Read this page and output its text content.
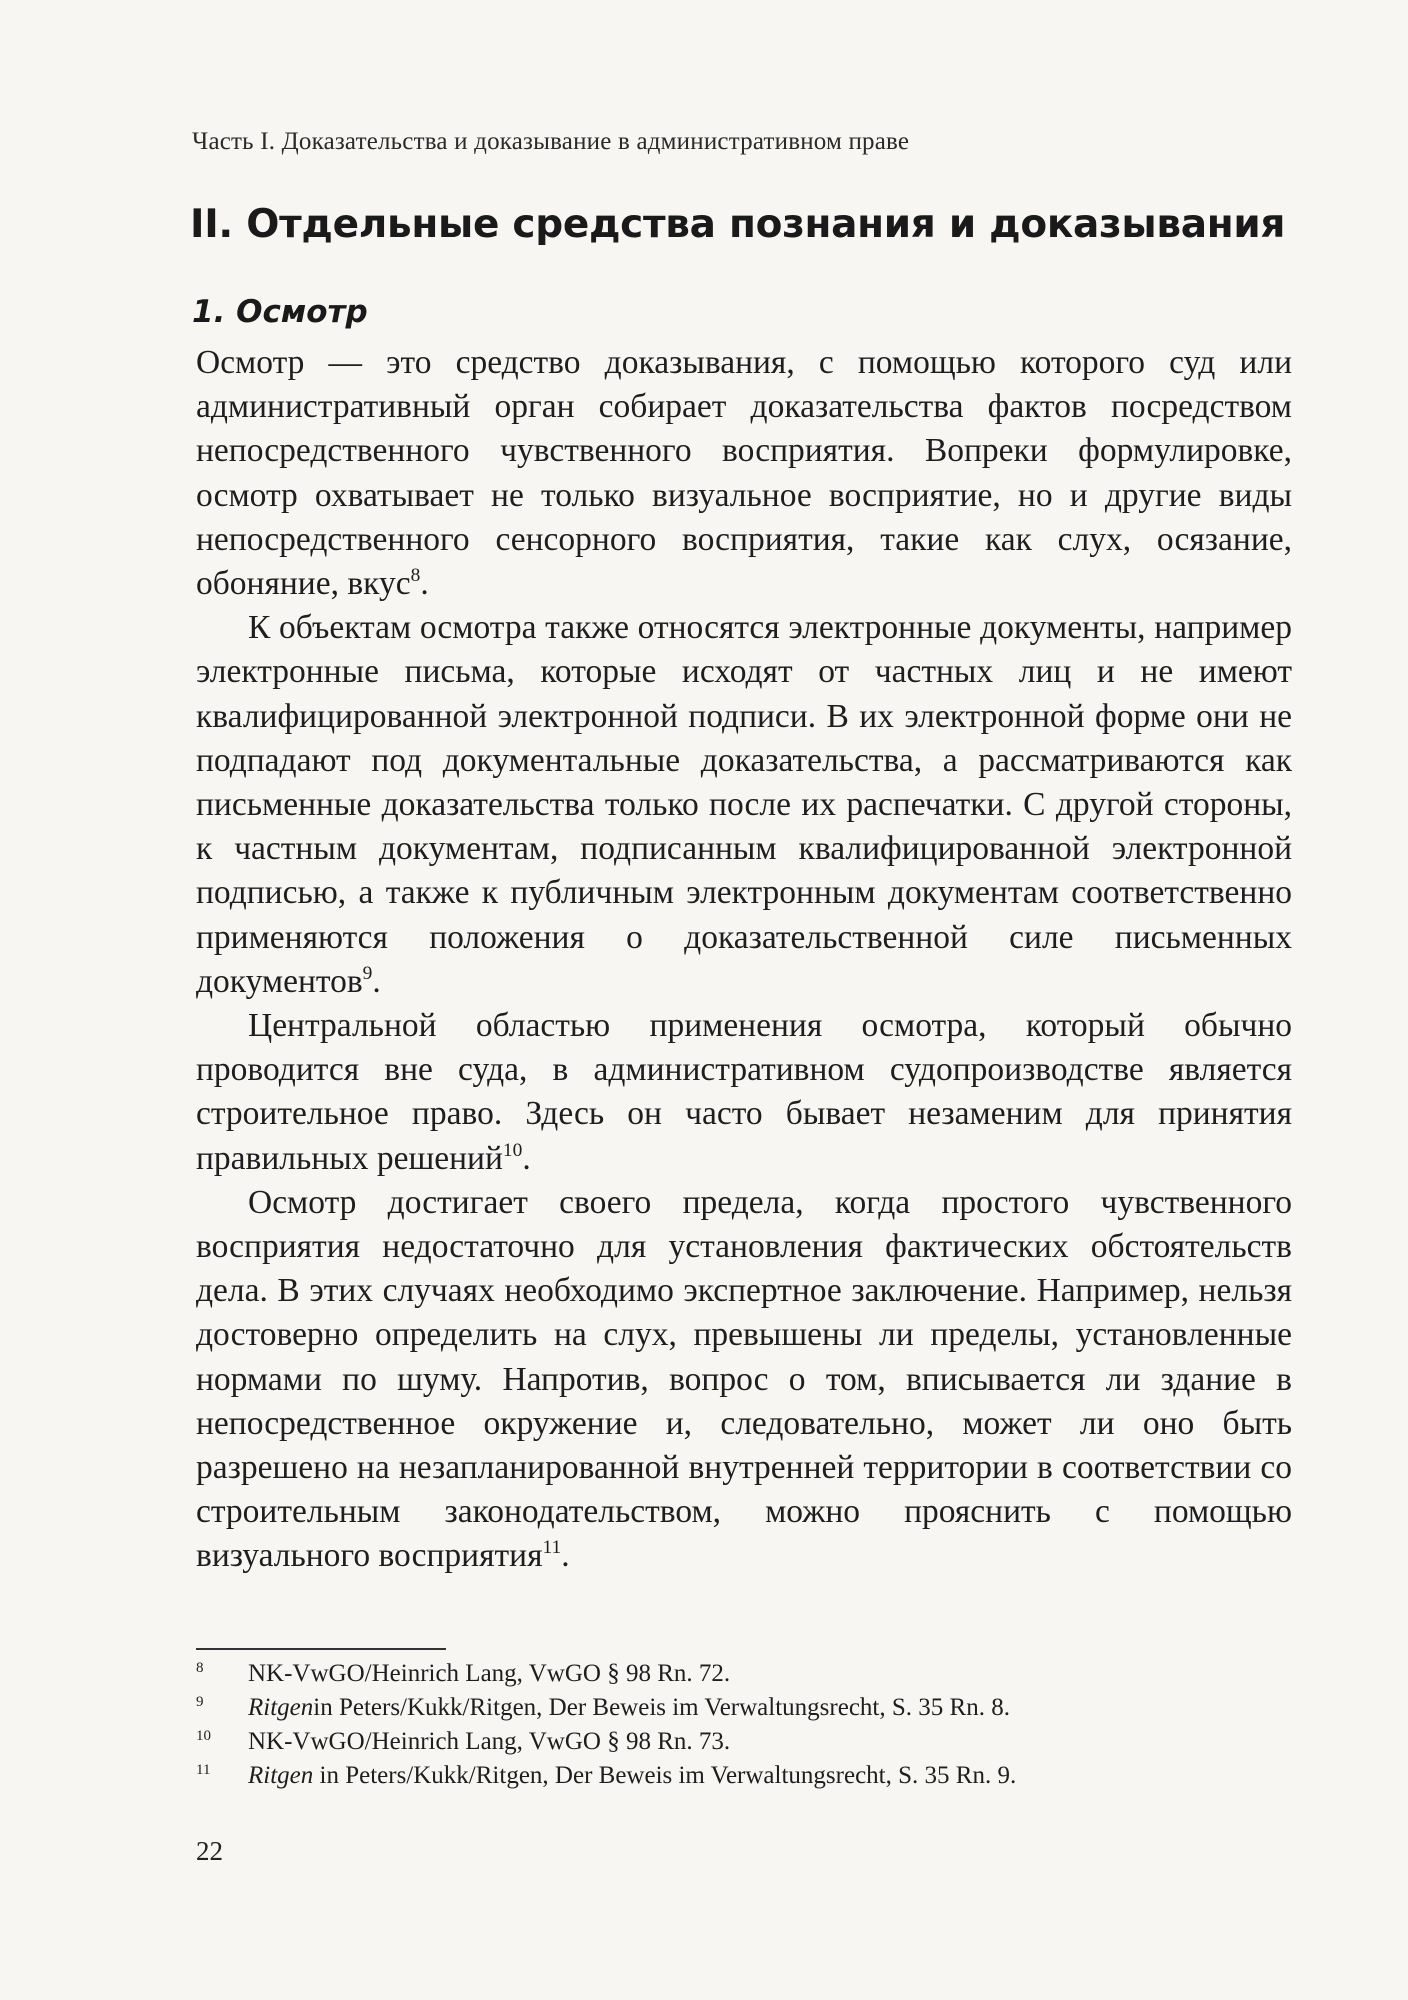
Часть I. Доказательства и доказывание в административном праве
II. Отдельные средства познания и доказывания
1. Осмотр

Осмотр — это средство доказывания, с помощью которого суд или административный орган собирает доказательства фактов посредством непосредственного чувственного восприятия. Вопреки формулировке, осмотр охватывает не только визуальное восприятие, но и другие виды непосредственного сенсорного восприятия, такие как слух, осязание, обоняние, вкус$^8$.

К объектам осмотра также относятся электронные документы, например электронные письма, которые исходят от частных лиц и не имеют квалифицированной электронной подписи. В их электронной форме они не подпадают под документальные доказательства, а рассматриваются как письменные доказательства только после их распечатки. С другой стороны, к частным документам, подписанным квалифицированной электронной подписью, а также к публичным электронным документам соответственно применяются положения о доказательственной силе письменных документов$^9$.

Центральной областью применения осмотра, который обычно проводится вне суда, в административном судопроизводстве является строительное право. Здесь он часто бывает незаменим для принятия правильных решений$^{10}$.

Осмотр достигает своего предела, когда простого чувственного восприятия недостаточно для установления фактических обстоятельств дела. В этих случаях необходимо экспертное заключение. Например, нельзя достоверно определить на слух, превышены ли пределы, установленные нормами по шуму. Напротив, вопрос о том, вписывается ли здание в непосредственное окружение и, следовательно, может ли оно быть разрешено на незапланированной внутренней территории в соответствии со строительным законодательством, можно прояснить с помощью визуального восприятия$^{11}$.

8	NK-VwGO/Heinrich Lang, VwGO § 98 Rn. 72.
9	Ritgenin Peters/Kukk/Ritgen, Der Beweis im Verwaltungsrecht, S. 35 Rn. 8.
10	NK-VwGO/Heinrich Lang, VwGO § 98 Rn. 73.
11	Ritgen in Peters/Kukk/Ritgen, Der Beweis im Verwaltungsrecht, S. 35 Rn. 9.
22
